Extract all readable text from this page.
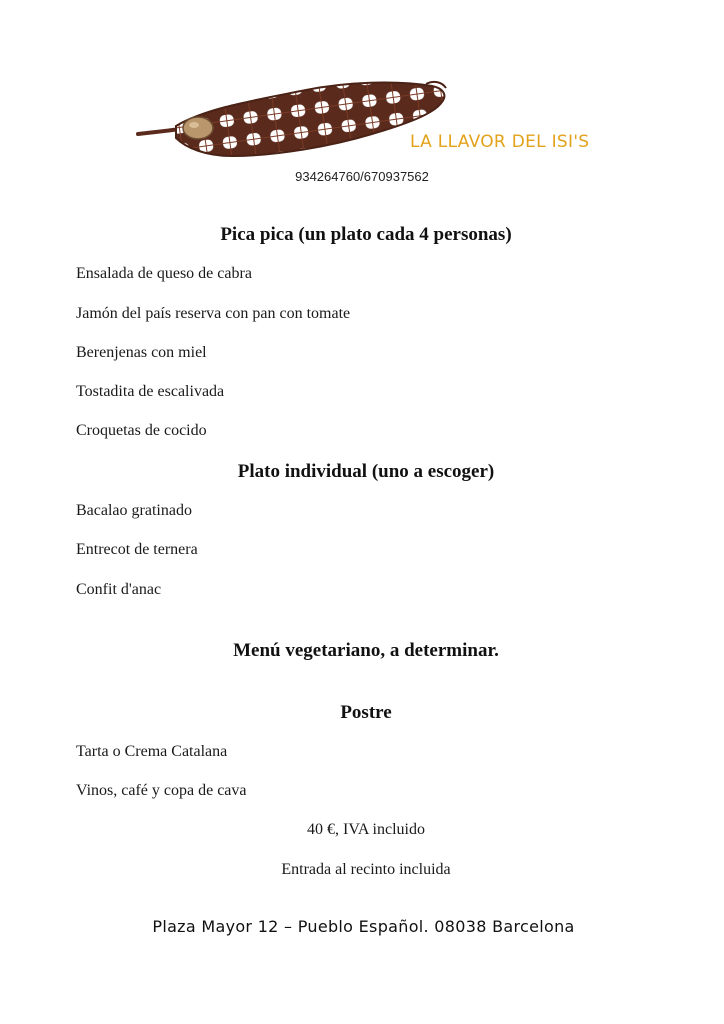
LA LLAVOR DEL ISI'S
934264760/670937562
Pica pica (un plato cada 4 personas)
Ensalada de queso de cabra
Jamón del país reserva con pan con tomate
Berenjenas con miel
Tostadita de escalivada
Croquetas de cocido
Plato individual (uno a escoger)
Bacalao gratinado
Entrecot de ternera
Confit d'anac
Menú vegetariano, a determinar.
Postre
Tarta o Crema Catalana
Vinos, café y copa de cava
40 €, IVA incluido
Entrada al recinto incluida
Plaza Mayor 12 – Pueblo Español. 08038 Barcelona
